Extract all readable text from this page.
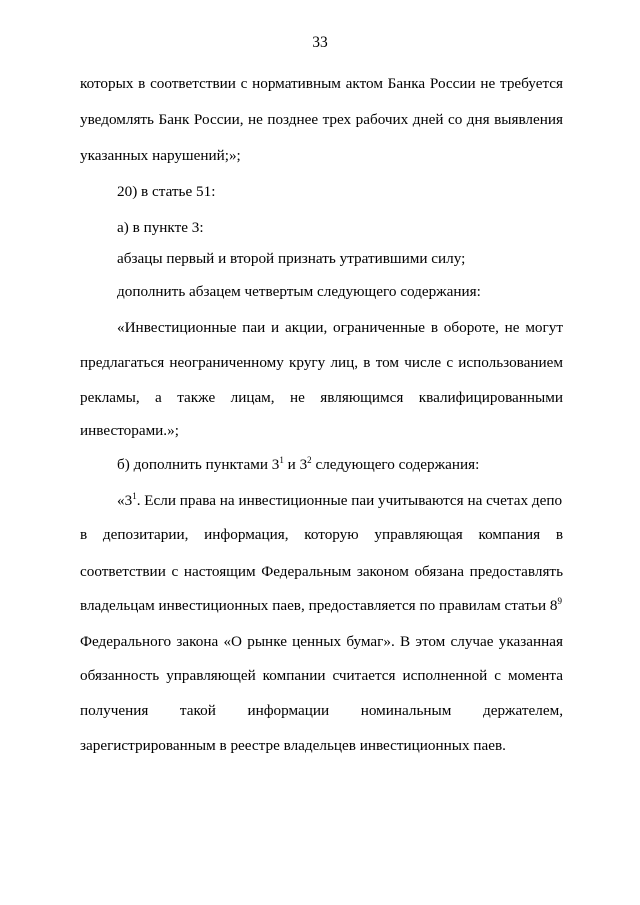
33
которых в соответствии с нормативным актом Банка России не требуется
уведомлять Банк России, не позднее трех рабочих дней со дня выявления
указанных нарушений;»;
20) в статье 51:
а) в пункте 3:
абзацы первый и второй признать утратившими силу;
дополнить абзацем четвертым следующего содержания:
«Инвестиционные паи и акции, ограниченные в обороте, не могут
предлагаться неограниченному кругу лиц, в том числе с использованием
рекламы, а также лицам, не являющимся квалифицированными
инвесторами.»;
б) дополнить пунктами $3^1$ и $3^2$ следующего содержания:
«$3^1$. Если права на инвестиционные паи учитываются на счетах депо
в депозитарии, информация, которую управляющая компания в
соответствии с настоящим Федеральным законом обязана предоставлять
владельцам инвестиционных паев, предоставляется по правилам статьи $8^9$
Федерального закона «О рынке ценных бумаг». В этом случае указанная
обязанность управляющей компании считается исполненной с момента
получения такой информации номинальным держателем,
зарегистрированным в реестре владельцев инвестиционных паев.
